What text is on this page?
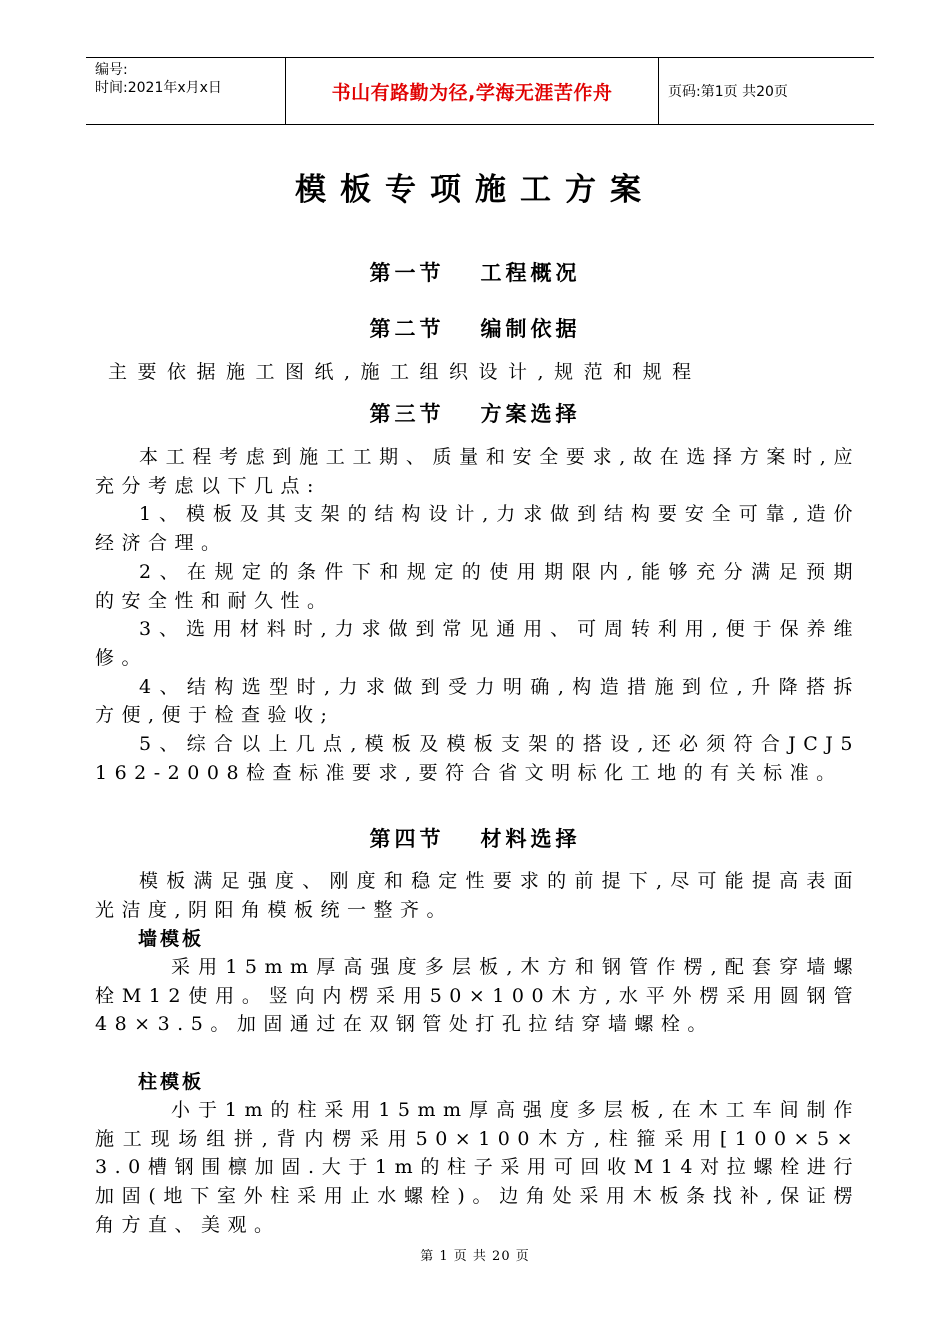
编号:
时间:2021年x月x日	书山有路勤为径,学海无涯苦作舟	页码:第1页 共20页
模板专项施工方案
第一节 工程概况
第二节 编制依据
主要依据施工图纸,施工组织设计,规范和规程
第三节 方案选择
本工程考虑到施工工期、质量和安全要求,故在选择方案时,应充分考虑以下几点:
1、模板及其支架的结构设计,力求做到结构要安全可靠,造价经济合理。
2、在规定的条件下和规定的使用期限内,能够充分满足预期的安全性和耐久性。
3、选用材料时,力求做到常见通用、可周转利用,便于保养维修。
4、结构选型时,力求做到受力明确,构造措施到位,升降搭拆方便,便于检查验收;
5、综合以上几点,模板及模板支架的搭设,还必须符合JCJ5162-2008检查标准要求,要符合省文明标化工地的有关标准。
第四节 材料选择
模板满足强度、刚度和稳定性要求的前提下,尽可能提高表面光洁度,阴阳角模板统一整齐。
墙模板
采用15mm厚高强度多层板,木方和钢管作楞,配套穿墙螺栓M12使用。竖向内楞采用50×100木方,水平外楞采用圆钢管48×3.5。加固通过在双钢管处打孔拉结穿墙螺栓。
柱模板
小于1m的柱采用15mm厚高强度多层板,在木工车间制作施工现场组拼,背内楞采用50×100木方,柱箍采用[100×5×3.0槽钢围檩加固.大于1m的柱子采用可回收M14对拉螺栓进行加固(地下室外柱采用止水螺栓)。边角处采用木板条找补,保证楞角方直、美观。
第 1 页 共 20 页
